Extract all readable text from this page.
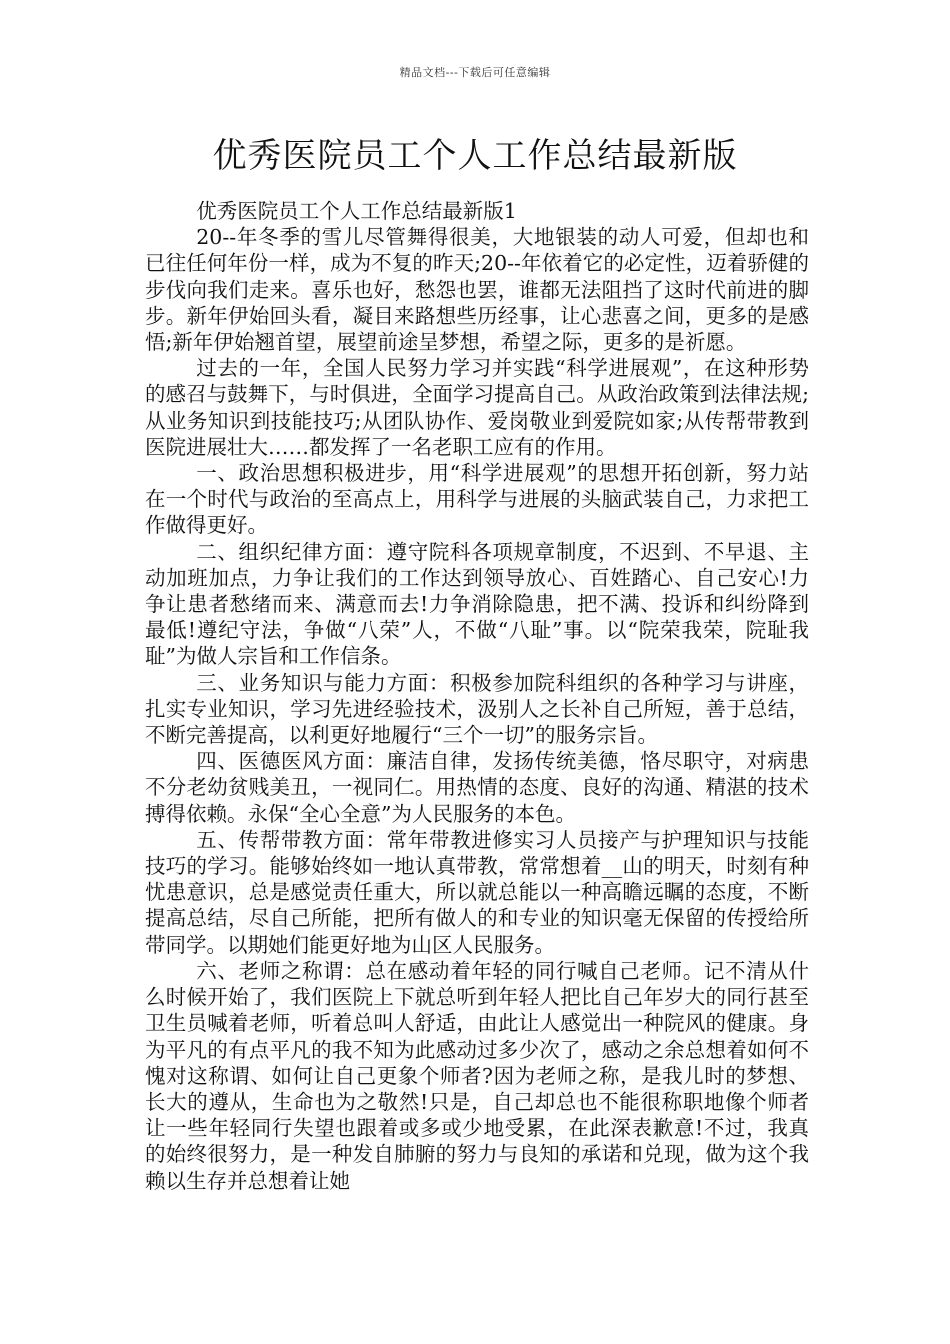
精品文档---下载后可任意编辑
优秀医院员工个人工作总结最新版

优秀医院员工个人工作总结最新版1

20--年冬季的雪儿尽管舞得很美，大地银装的动人可爱，但却也和已往任何年份一样，成为不复的昨天;20--年依着它的必定性，迈着骄健的步伐向我们走来。喜乐也好，愁怨也罢，谁都无法阻挡了这时代前进的脚步。新年伊始回头看，凝目来路想些历经事，让心悲喜之间，更多的是感悟;新年伊始翘首望，展望前途呈梦想，希望之际，更多的是祈愿。

过去的一年，全国人民努力学习并实践“科学进展观”，在这种形势的感召与鼓舞下，与时俱进，全面学习提高自己。从政治政策到法律法规;从业务知识到技能技巧;从团队协作、爱岗敬业到爱院如家;从传帮带教到医院进展壮大……都发挥了一名老职工应有的作用。

一、政治思想积极进步，用“科学进展观”的思想开拓创新，努力站在一个时代与政治的至高点上，用科学与进展的头脑武装自己，力求把工作做得更好。

二、组织纪律方面：遵守院科各项规章制度，不迟到、不早退、主动加班加点，力争让我们的工作达到领导放心、百姓踏心、自己安心!力争让患者愁绪而来、满意而去!力争消除隐患，把不满、投诉和纠纷降到最低!遵纪守法，争做“八荣”人，不做“八耻”事。以“院荣我荣，院耻我耻”为做人宗旨和工作信条。

三、业务知识与能力方面：积极参加院科组织的各种学习与讲座，扎实专业知识，学习先进经验技术，汲别人之长补自己所短，善于总结，不断完善提高，以利更好地履行“三个一切”的服务宗旨。

四、医德医风方面：廉洁自律，发扬传统美德，恪尽职守，对病患不分老幼贫贱美丑，一视同仁。用热情的态度、良好的沟通、精湛的技术搏得依赖。永保“全心全意”为人民服务的本色。

五、传帮带教方面：常年带教进修实习人员接产与护理知识与技能技巧的学习。能够始终如一地认真带教，常常想着__山的明天，时刻有种忧患意识，总是感觉责任重大，所以就总能以一种高瞻远瞩的态度，不断提高总结，尽自己所能，把所有做人的和专业的知识毫无保留的传授给所带同学。以期她们能更好地为山区人民服务。

六、老师之称谓：总在感动着年轻的同行喊自己老师。记不清从什么时候开始了，我们医院上下就总听到年轻人把比自己年岁大的同行甚至卫生员喊着老师，听着总叫人舒适，由此让人感觉出一种院风的健康。身为平凡的有点平凡的我不知为此感动过多少次了，感动之余总想着如何不愧对这称谓、如何让自己更象个师者?因为老师之称，是我儿时的梦想、长大的遵从，生命也为之敬然!只是，自己却总也不能很称职地像个师者让一些年轻同行失望也跟着或多或少地受累，在此深表歉意!不过，我真的始终很努力，是一种发自肺腑的努力与良知的承诺和兑现，做为这个我赖以生存并总想着让她
